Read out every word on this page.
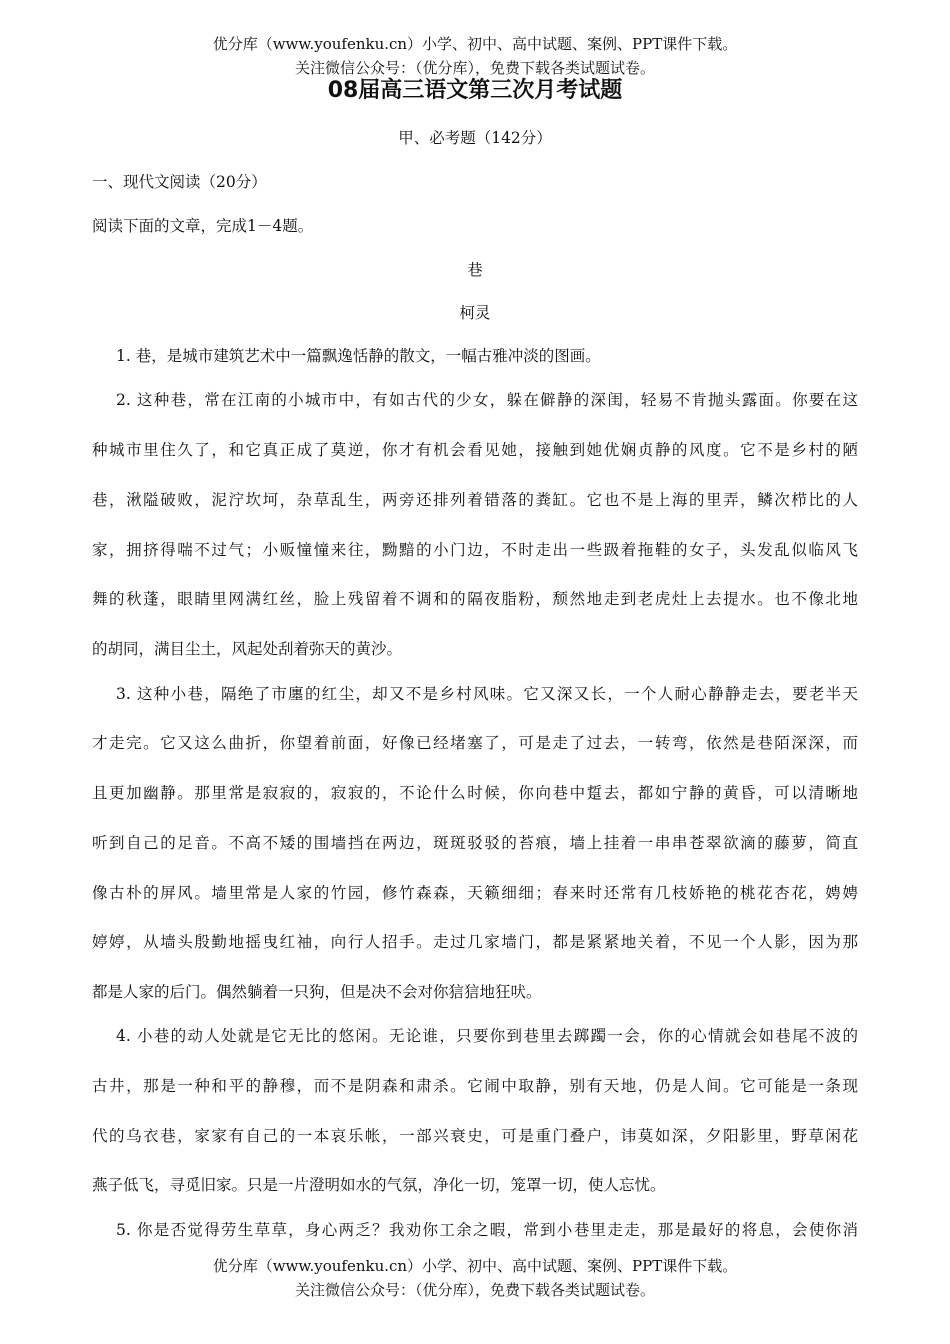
优分库（www.youfenku.cn）小学、初中、高中试题、案例、PPT课件下载。
关注微信公众号：（优分库），免费下载各类试题试卷。
08届高三语文第三次月考试题
甲、必考题（142分）
一、现代文阅读（20分）
阅读下面的文章，完成1－4题。
巷
柯灵
1. 巷，是城市建筑艺术中一篇飘逸恬静的散文，一幅古雅冲淡的图画。
2. 这种巷，常在江南的小城市中，有如古代的少女，躲在僻静的深闺，轻易不肯抛头露面。你要在这
种城市里住久了，和它真正成了莫逆，你才有机会看见她，接触到她优娴贞静的风度。它不是乡村的陋
巷，湫隘破败，泥泞坎坷，杂草乱生，两旁还排列着错落的粪缸。它也不是上海的里弄，鳞次栉比的人
家，拥挤得喘不过气；小贩憧憧来往，黝黯的小门边，不时走出一些趿着拖鞋的女子，头发乱似临风飞
舞的秋蓬，眼睛里网满红丝，脸上残留着不调和的隔夜脂粉，颓然地走到老虎灶上去提水。也不像北地
的胡同，满目尘土，风起处刮着弥天的黄沙。
3. 这种小巷，隔绝了市廛的红尘，却又不是乡村风味。它又深又长，一个人耐心静静走去，要老半天
才走完。它又这么曲折，你望着前面，好像已经堵塞了，可是走了过去，一转弯，依然是巷陌深深，而
且更加幽静。那里常是寂寂的，寂寂的，不论什么时候，你向巷中踅去，都如宁静的黄昏，可以清晰地
听到自己的足音。不高不矮的围墙挡在两边，斑斑驳驳的苔痕，墙上挂着一串串苍翠欲滴的藤萝，简直
像古朴的屏风。墙里常是人家的竹园，修竹森森，天籁细细；春来时还常有几枝娇艳的桃花杏花，娉娉
婷婷，从墙头殷勤地摇曳红袖，向行人招手。走过几家墙门，都是紧紧地关着，不见一个人影，因为那
都是人家的后门。偶然躺着一只狗，但是决不会对你狺狺地狂吠。
4. 小巷的动人处就是它无比的悠闲。无论谁，只要你到巷里去踯躅一会，你的心情就会如巷尾不波的
古井，那是一种和平的静穆，而不是阴森和肃杀。它闹中取静，别有天地，仍是人间。它可能是一条现
代的乌衣巷，家家有自己的一本哀乐帐，一部兴衰史，可是重门叠户，讳莫如深，夕阳影里，野草闲花
燕子低飞，寻觅旧家。只是一片澄明如水的气氛，净化一切，笼罩一切，使人忘忧。
5. 你是否觉得劳生草草，身心两乏？我劝你工余之暇，常到小巷里走走，那是最好的将息，会使你消
优分库（www.youfenku.cn）小学、初中、高中试题、案例、PPT课件下载。
关注微信公众号：（优分库），免费下载各类试题试卷。
